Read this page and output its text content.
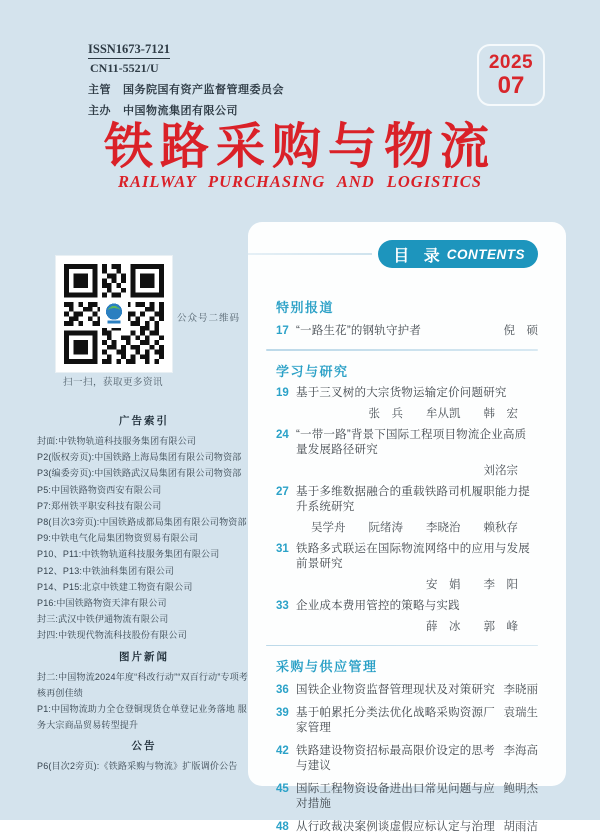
ISSN1673-7121
CN11-5521/U
主管 国务院国有资产监督管理委员会
主办 中国物流集团有限公司
2025
07
铁路采购与物流
RAILWAY PURCHASING AND LOGISTICS
公众号二维码
扫一扫，获取更多资讯
广告索引
封面:中铁物轨道科技服务集团有限公司
P2(版权旁页):中国铁路上海局集团有限公司物资部
P3(编委旁页):中国铁路武汉局集团有限公司物资部
P5:中国铁路物资西安有限公司
P7:郑州铁平职安科技有限公司
P8(目次3旁页):中国铁路成都局集团有限公司物资部
P9:中铁电气化局集团物资贸易有限公司
P10、P11:中铁物轨道科技服务集团有限公司
P12、P13:中铁油科集团有限公司
P14、P15:北京中铁建工物资有限公司
P16:中国铁路物资天津有限公司
封三:武汉中铁伊通物流有限公司
封四:中铁现代物流科技股份有限公司
图片新闻
封二:中国物流2024年度“科改行动”“双百行动”专项考核再创佳绩
P1:中国物流助力全仓登铜现货仓单登记业务落地 服务大宗商品贸易转型提升
公告
P6(目次2旁页):《铁路采购与物流》扩版调价公告
目 录 CONTENTS
特别报道
17 “一路生花”的钢轨守护者	倪　硕
学习与研究
19 基于三叉树的大宗货物运输定价问题研究
张　兵　　牟从凯　　韩　宏
24 “一带一路”背景下国际工程项目物流企业高质量发展路径研究
刘洺宗
27 基于多维数据融合的重载铁路司机履职能力提升系统研究
吴学舟　　阮绪涛　　李晓治　　赖秋存
31 铁路多式联运在国际物流网络中的应用与发展前景研究
安　娟　　李　阳
33 企业成本费用管控的策略与实践
薛　冰　　郭　峰
采购与供应管理
36 国铁企业物资监督管理现状及对策研究 李晓丽
39 基于帕累托分类法优化战略采购资源厂家管理
袁瑞生
42 铁路建设物资招标最高限价设定的思考与建议
李海高
45 国际工程物资设备进出口常见问题与应对措施
鲍明杰
48 从行政裁决案例谈虚假应标认定与治理 胡雨洁
